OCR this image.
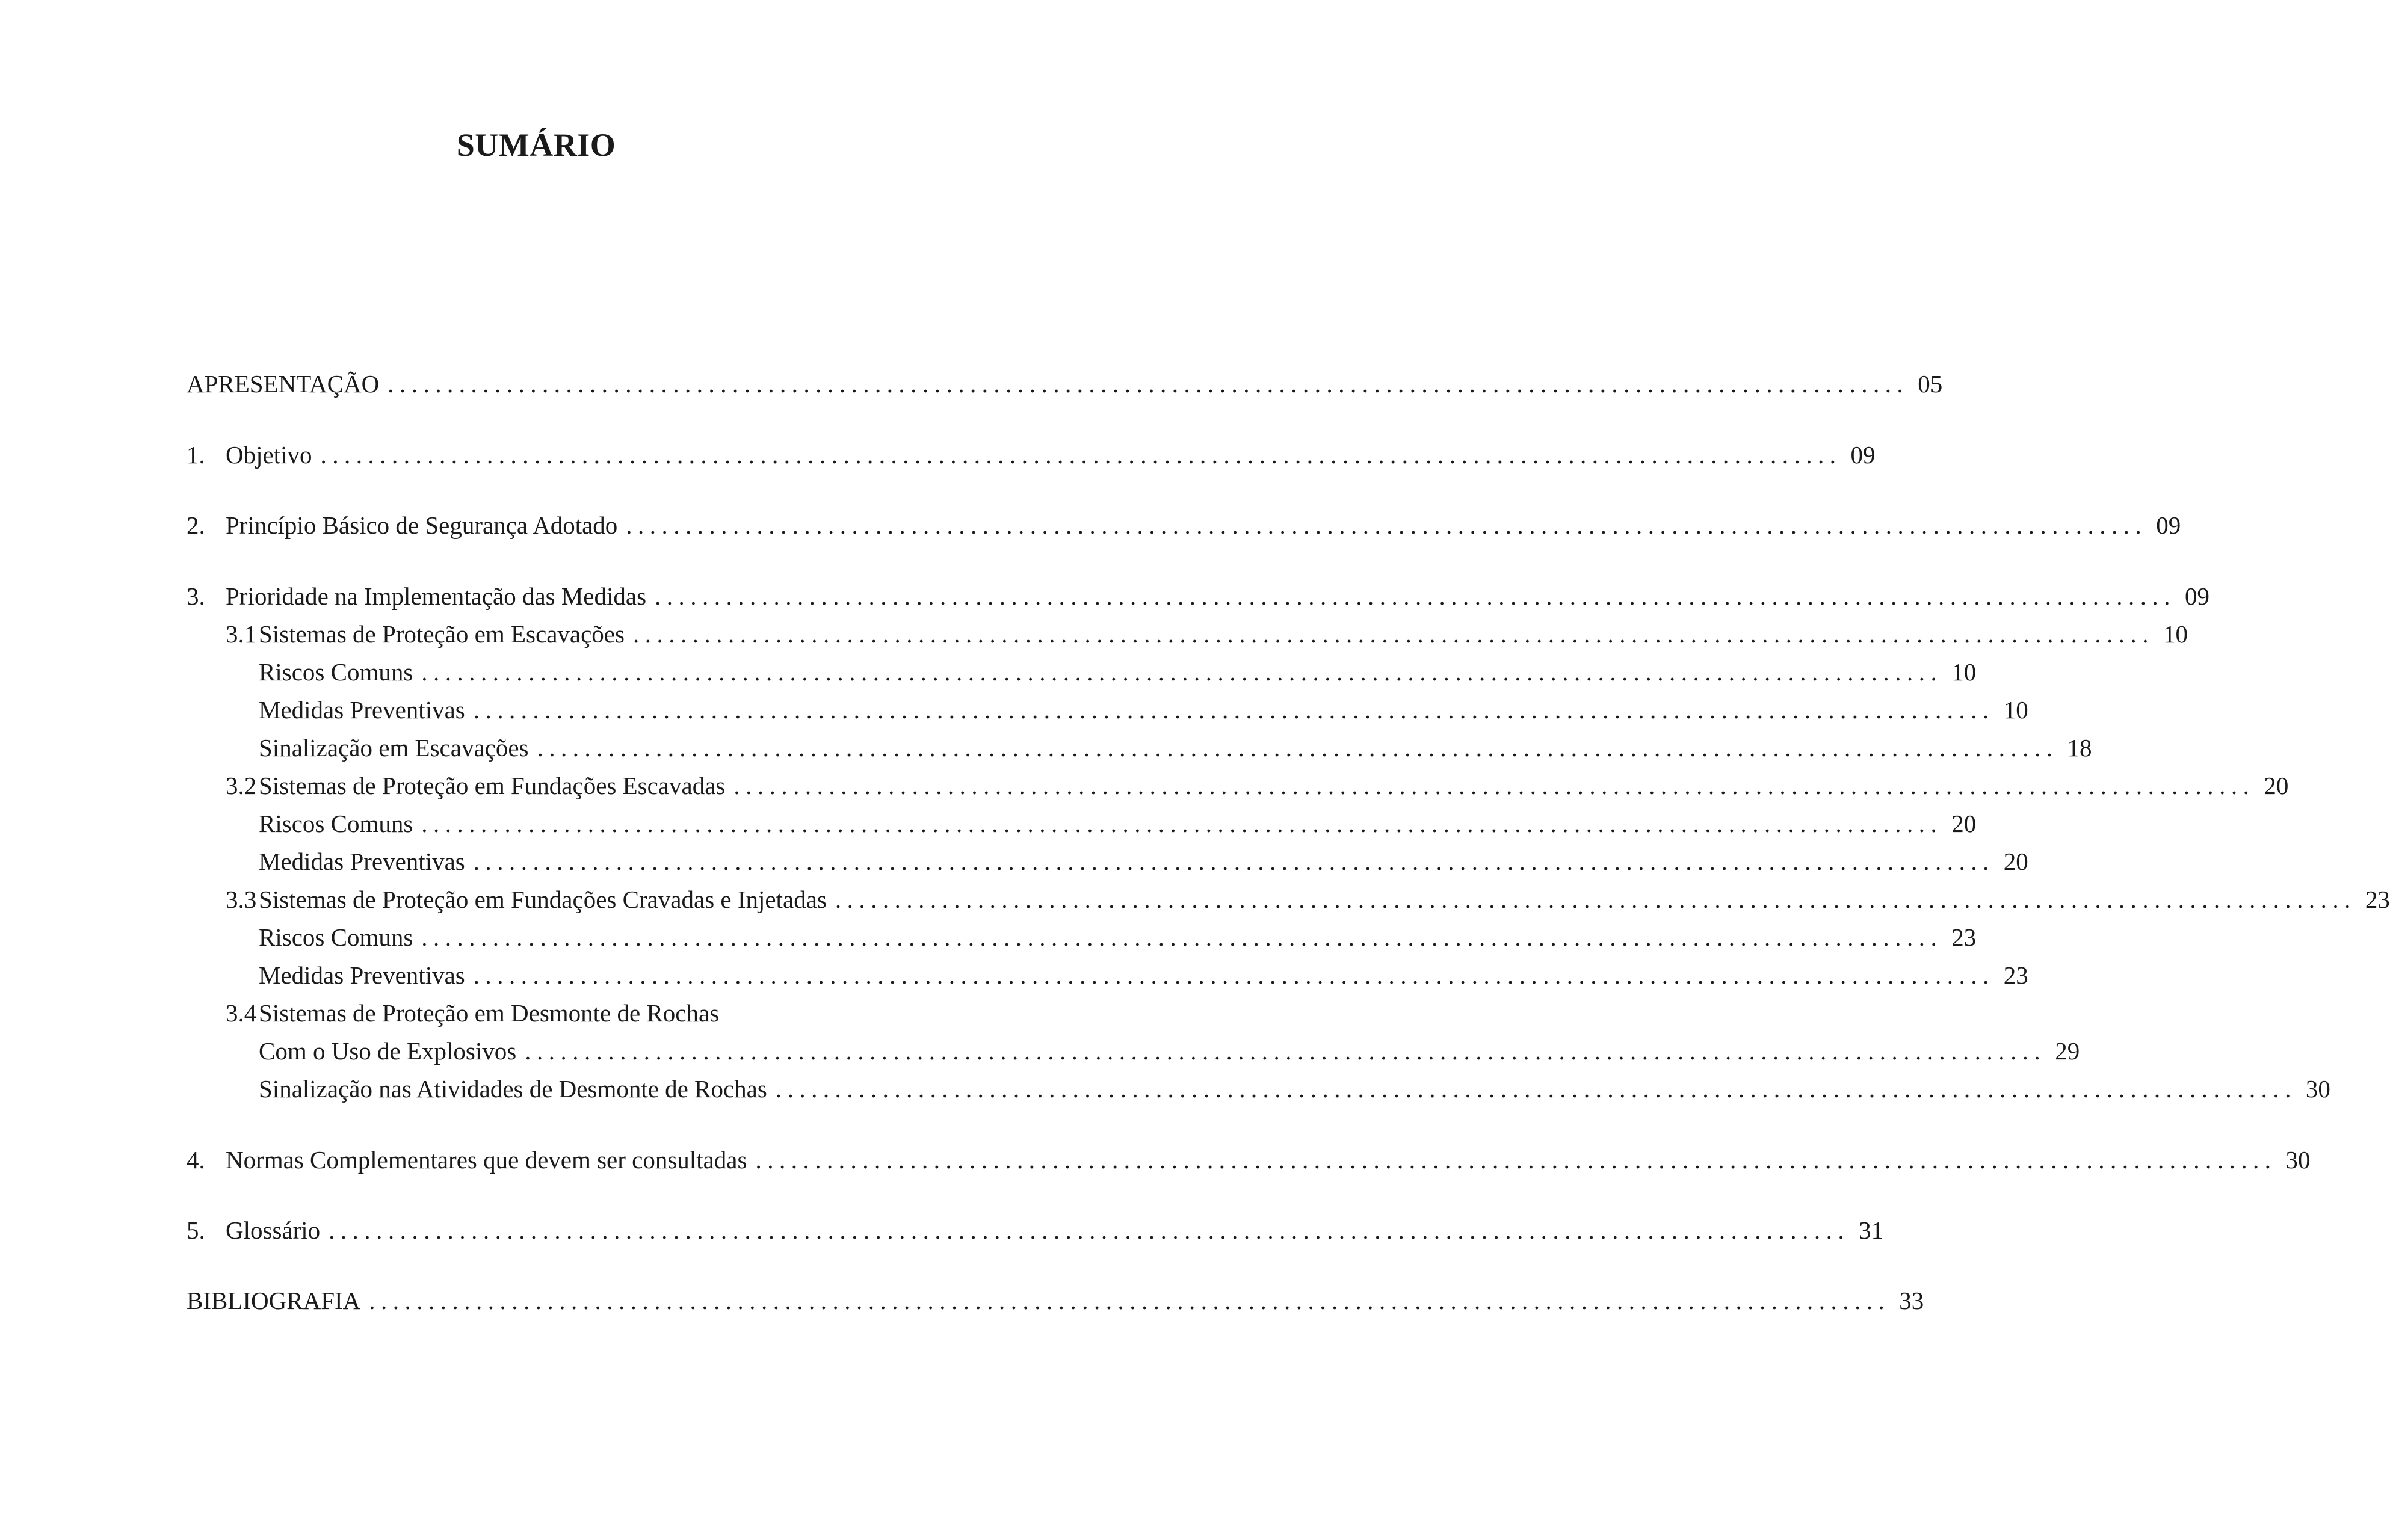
SUMÁRIO
APRESENTAÇÃO ................................................................................................................................ 05
1. Objetivo ................................................................................................................................ 09
2. Princípio Básico de Segurança Adotado ................................................................................................................................ 09
3. Prioridade na Implementação das Medidas ................................................................................................................................ 09
3.1 Sistemas de Proteção em Escavações ................................................................................................................................ 10
Riscos Comuns ................................................................................................................................ 10
Medidas Preventivas ................................................................................................................................ 10
Sinalização em Escavações ................................................................................................................................ 18
3.2 Sistemas de Proteção em Fundações Escavadas ................................................................................................................................ 20
Riscos Comuns ................................................................................................................................ 20
Medidas Preventivas ................................................................................................................................ 20
3.3 Sistemas de Proteção em Fundações Cravadas e Injetadas ................................................................................................................................ 23
Riscos Comuns ................................................................................................................................ 23
Medidas Preventivas ................................................................................................................................ 23
3.4 Sistemas de Proteção em Desmonte de Rochas
Com o Uso de Explosivos ................................................................................................................................ 29
Sinalização nas Atividades de Desmonte de Rochas ................................................................................................................................ 30
4. Normas Complementares que devem ser consultadas ................................................................................................................................ 30
5. Glossário ................................................................................................................................ 31
BIBLIOGRAFIA ................................................................................................................................ 33
